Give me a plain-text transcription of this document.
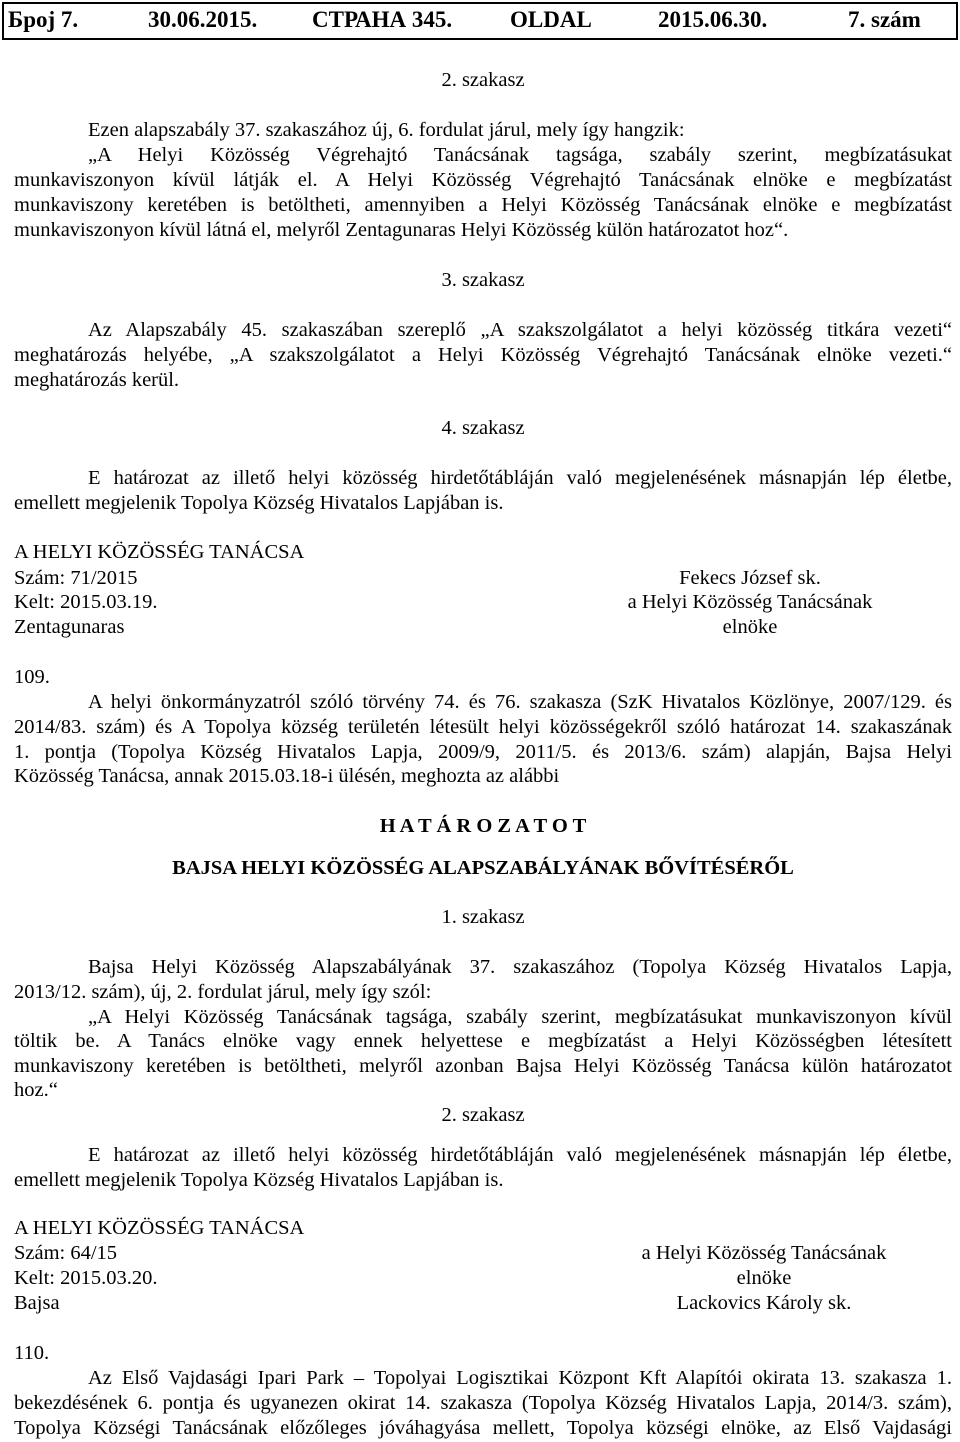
Број 7.	30.06.2015. СТРАНА 345.	OLDAL	2015.06.30.	7. szám
2. szakasz
Ezen alapszabály 37. szakaszához új, 6. fordulat járul, mely így hangzik:
„A Helyi Közösség Végrehajtó Tanácsának tagsága, szabály szerint, megbízatásukat
munkaviszonyon kívül látják el. A Helyi Közösség Végrehajtó Tanácsának elnöke e megbízatást
munkaviszony keretében is betöltheti, amennyiben a Helyi Közösség Tanácsának elnöke e megbízatást
munkaviszonyon kívül látná el, melyről Zentagunaras Helyi Közösség külön határozatot hoz“.
3. szakasz
Az Alapszabály 45. szakaszában szereplő „A szakszolgálatot a helyi közösség titkára vezeti“
meghatározás helyébe, „A szakszolgálatot a Helyi Közösség Végrehajtó Tanácsának elnöke vezeti.“
meghatározás kerül.
4. szakasz
E határozat az illető helyi közösség hirdetőtábláján való megjelenésének másnapján lép életbe,
emellett megjelenik Topolya Község Hivatalos Lapjában is.
A HELYI KÖZÖSSÉG TANÁCSA
Szám: 71/2015
Kelt: 2015.03.19.
Zentagunaras
Fekecs József sk.
a Helyi Közösség Tanácsának
elnöke
109.
A helyi önkormányzatról szóló törvény 74. és 76. szakasza (SzK Hivatalos Közlönye, 2007/129. és
2014/83. szám) és A Topolya község területén létesült helyi közösségekről szóló határozat 14. szakaszának
1. pontja (Topolya Község Hivatalos Lapja, 2009/9, 2011/5. és 2013/6. szám) alapján, Bajsa Helyi
Közösség Tanácsa, annak 2015.03.18-i ülésén, meghozta az alábbi
H A T Á R O Z A T O T
BAJSA HELYI KÖZÖSSÉG ALAPSZABÁLYÁNAK BŐVÍTÉSÉRŐL
1. szakasz
Bajsa Helyi Közösség Alapszabályának 37. szakaszához (Topolya Község Hivatalos Lapja,
2013/12. szám), új, 2. fordulat járul, mely így szól:
„A Helyi Közösség Tanácsának tagsága, szabály szerint, megbízatásukat munkaviszonyon kívül
töltik be. A Tanács elnöke vagy ennek helyettese e megbízatást a Helyi Közösségben létesített
munkaviszony keretében is betöltheti, melyről azonban Bajsa Helyi Közösség Tanácsa külön határozatot
hoz.“
2. szakasz
E határozat az illető helyi közösség hirdetőtábláján való megjelenésének másnapján lép életbe,
emellett megjelenik Topolya Község Hivatalos Lapjában is.
A HELYI KÖZÖSSÉG TANÁCSA
Szám: 64/15
Kelt: 2015.03.20.
Bajsa
a Helyi Közösség Tanácsának
elnöke
Lackovics Károly sk.
110.
Az Első Vajdasági Ipari Park – Topolyai Logisztikai Központ Kft Alapítói okirata 13. szakasza 1.
bekezdésének 6. pontja és ugyanezen okirat 14. szakasza (Topolya Község Hivatalos Lapja, 2014/3. szám),
Topolya Községi Tanácsának előzőleges jóváhagyása mellett, Topolya községi elnöke, az Első Vajdasági
